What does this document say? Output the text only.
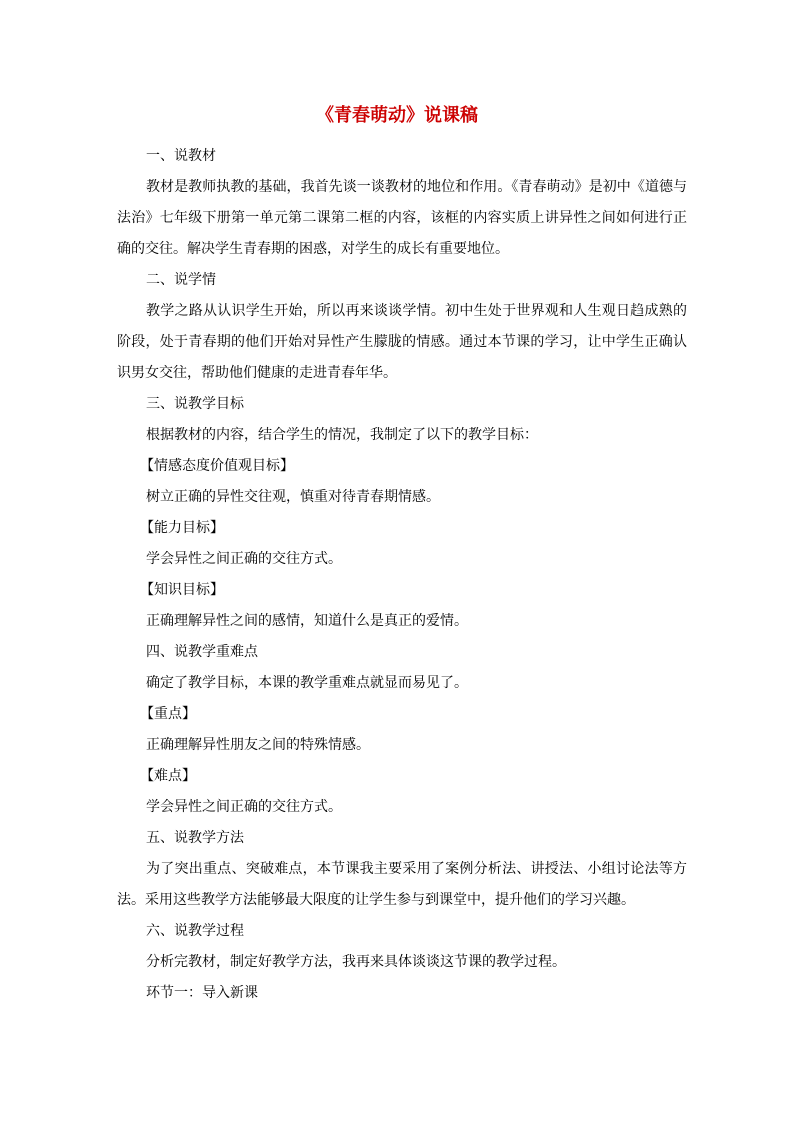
《青春萌动》说课稿
一、说教材
教材是教师执教的基础，我首先谈一谈教材的地位和作用。《青春萌动》是初中《道德与法治》七年级下册第一单元第二课第二框的内容，该框的内容实质上讲异性之间如何进行正确的交往。解决学生青春期的困惑，对学生的成长有重要地位。
二、说学情
教学之路从认识学生开始，所以再来谈谈学情。初中生处于世界观和人生观日趋成熟的阶段，处于青春期的他们开始对异性产生朦胧的情感。通过本节课的学习，让中学生正确认识男女交往，帮助他们健康的走进青春年华。
三、说教学目标
根据教材的内容，结合学生的情况，我制定了以下的教学目标：
【情感态度价值观目标】
树立正确的异性交往观，慎重对待青春期情感。
【能力目标】
学会异性之间正确的交往方式。
【知识目标】
正确理解异性之间的感情，知道什么是真正的爱情。
四、说教学重难点
确定了教学目标，本课的教学重难点就显而易见了。
【重点】
正确理解异性朋友之间的特殊情感。
【难点】
学会异性之间正确的交往方式。
五、说教学方法
为了突出重点、突破难点，本节课我主要采用了案例分析法、讲授法、小组讨论法等方法。采用这些教学方法能够最大限度的让学生参与到课堂中，提升他们的学习兴趣。
六、说教学过程
分析完教材，制定好教学方法，我再来具体谈谈这节课的教学过程。
环节一：导入新课
